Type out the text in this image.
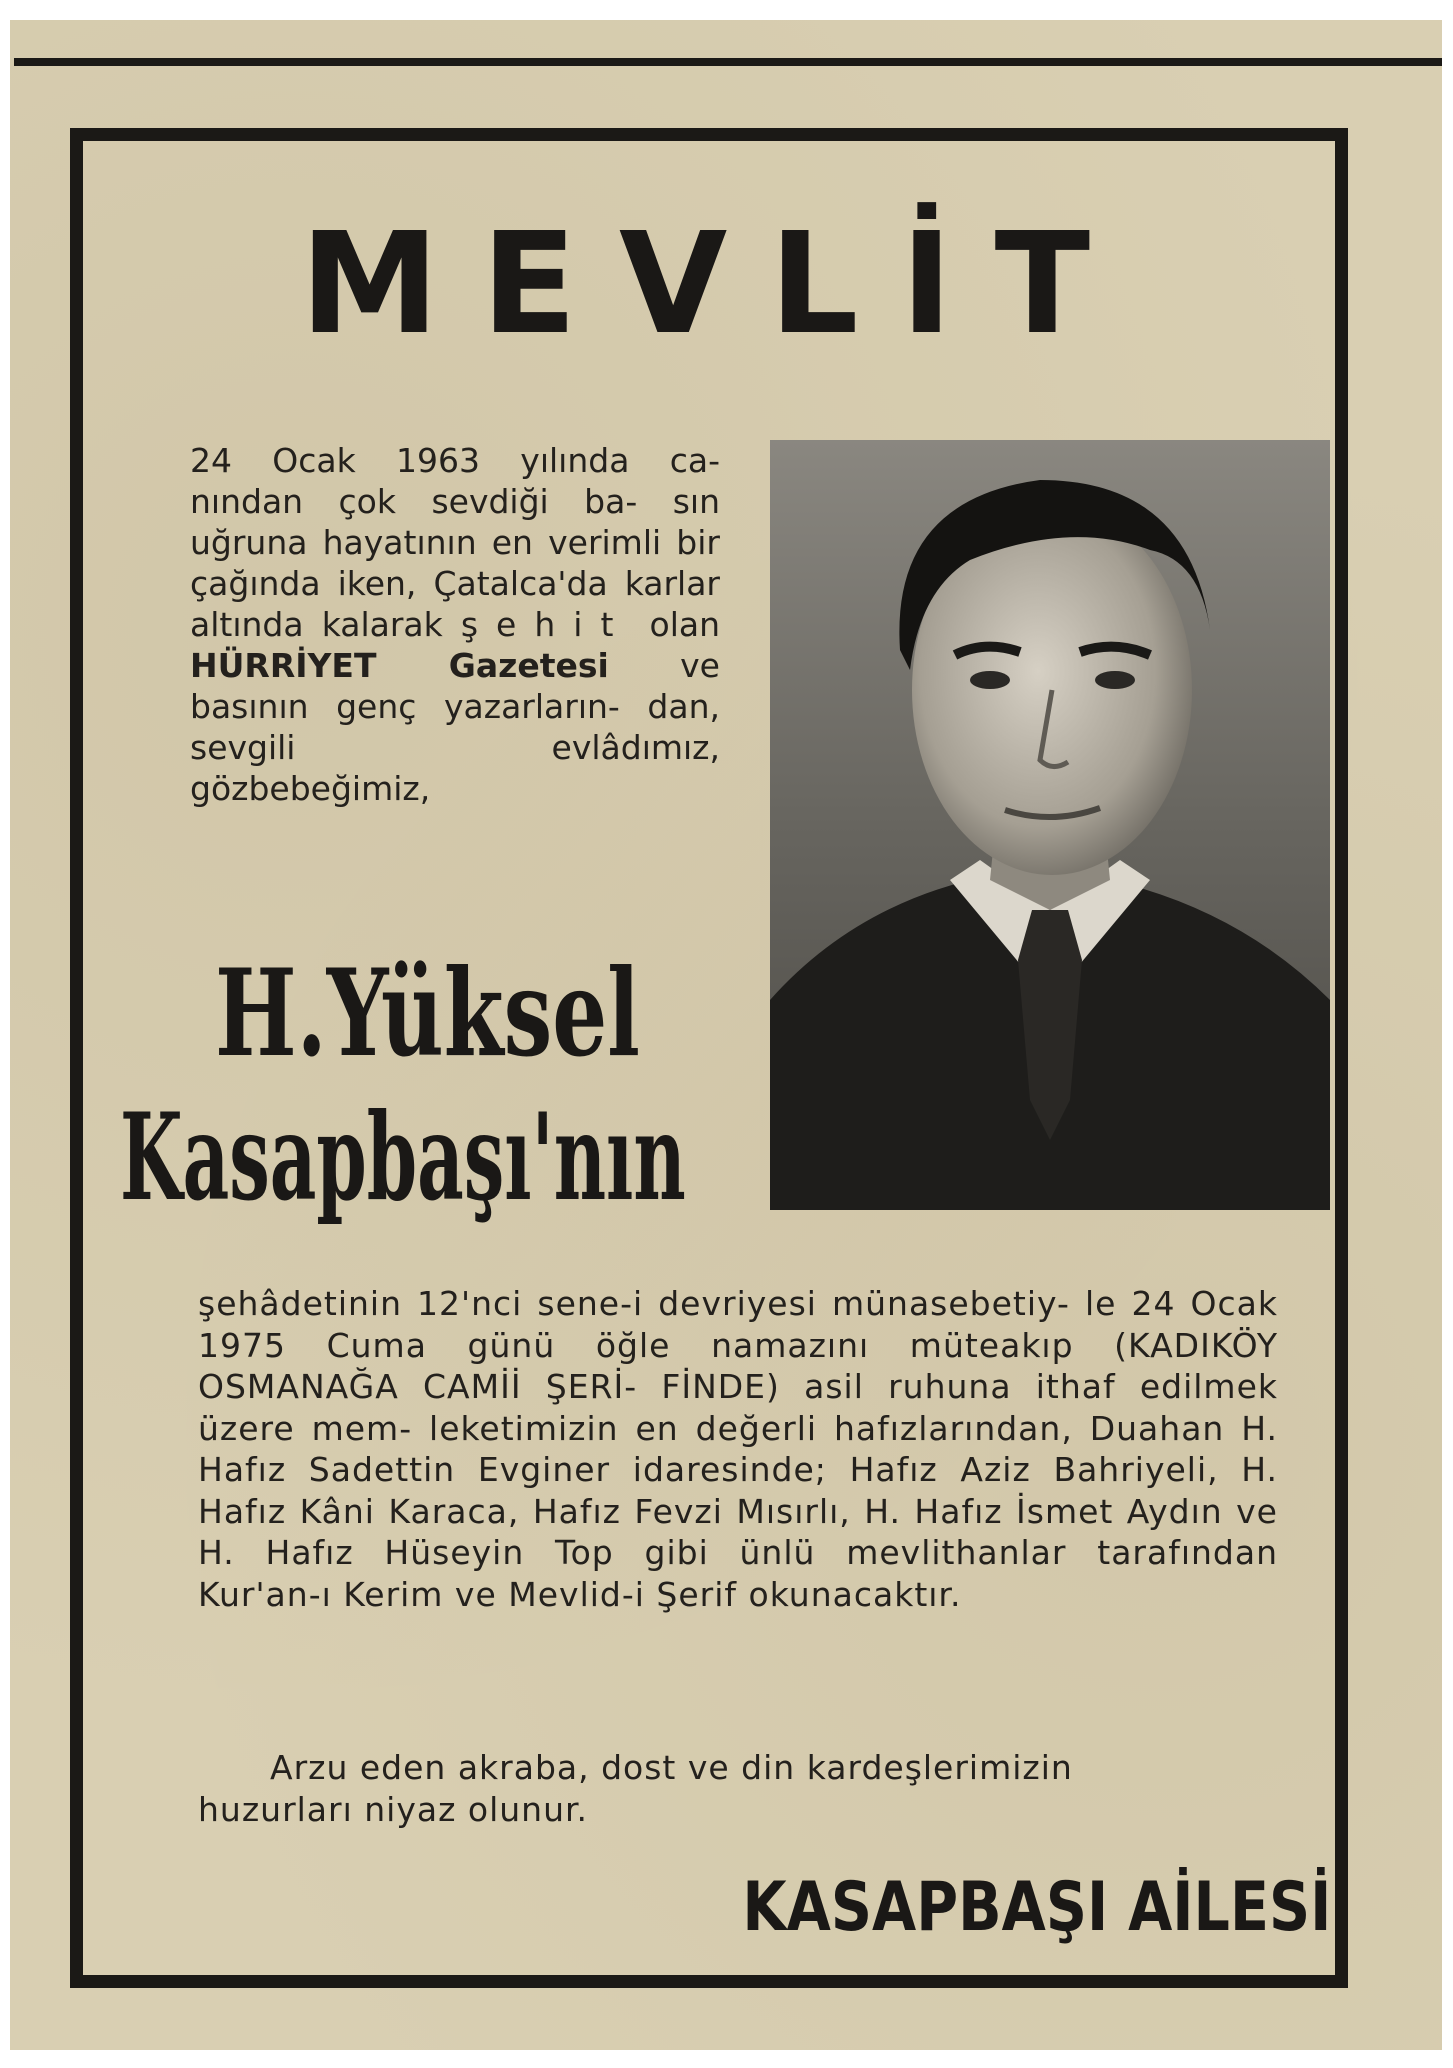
MEVLİT
24 Ocak 1963 yılında ca- nından çok sevdiği ba- sın uğruna hayatının en verimli bir çağında iken, Çatalca'da karlar altında kalarak şehit olan HÜRRİYET Gazetesi ve basının genç yazarların- dan, sevgili evlâdımız, gözbebeğimiz,
H.Yüksel
Kasapbaşı'nın
şehâdetinin 12'nci sene-i devriyesi münasebetiy- le 24 Ocak 1975 Cuma günü öğle namazını müteakıp (KADIKÖY OSMANAĞA CAMİİ ŞERİ- FİNDE) asil ruhuna ithaf edilmek üzere mem- leketimizin en değerli hafızlarından, Duahan H. Hafız Sadettin Evginer idaresinde; Hafız Aziz Bahriyeli, H. Hafız Kâni Karaca, Hafız Fevzi Mısırlı, H. Hafız İsmet Aydın ve H. Hafız Hüseyin Top gibi ünlü mevlithanlar tarafından Kur'an-ı Kerim ve Mevlid-i Şerif okunacaktır.

Arzu eden akraba, dost ve din kardeşlerimizin

huzurları niyaz olunur.

KASAPBAŞI AİLESİ
